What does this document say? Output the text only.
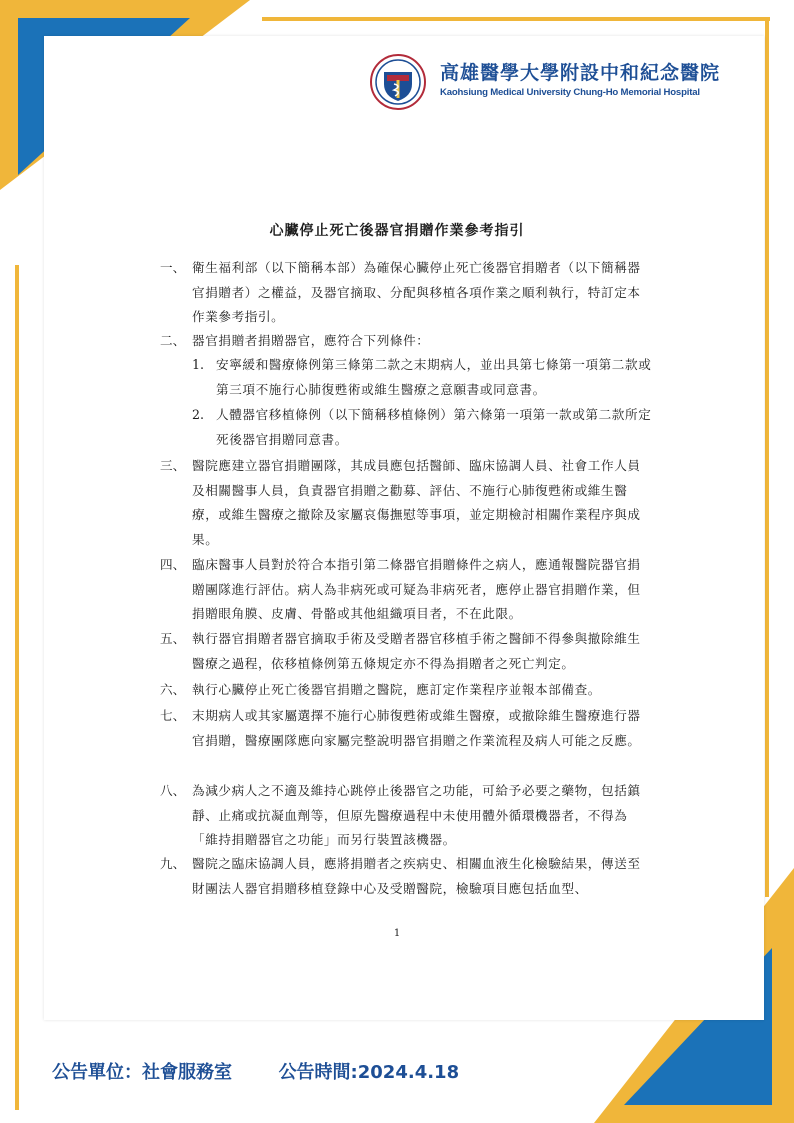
高雄醫學大學附設中和紀念醫院
Kaohsiung Medical University Chung-Ho Memorial Hospital
心臟停止死亡後器官捐贈作業參考指引
一、 衛生福利部（以下簡稱本部）為確保心臟停止死亡後器官捐贈者（以下簡稱器官捐贈者）之權益，及器官摘取、分配與移植各項作業之順利執行，特訂定本作業參考指引。
二、 器官捐贈者捐贈器官，應符合下列條件：
1. 安寧緩和醫療條例第三條第二款之末期病人，並出具第七條第一項第二款或第三項不施行心肺復甦術或維生醫療之意願書或同意書。
2. 人體器官移植條例（以下簡稱移植條例）第六條第一項第一款或第二款所定死後器官捐贈同意書。
三、 醫院應建立器官捐贈團隊，其成員應包括醫師、臨床協調人員、社會工作人員及相關醫事人員，負責器官捐贈之勸募、評估、不施行心肺復甦術或維生醫療，或維生醫療之撤除及家屬哀傷撫慰等事項，並定期檢討相關作業程序與成果。
四、 臨床醫事人員對於符合本指引第二條器官捐贈條件之病人，應通報醫院器官捐贈團隊進行評估。病人為非病死或可疑為非病死者，應停止器官捐贈作業，但捐贈眼角膜、皮膚、骨骼或其他組織項目者，不在此限。
五、 執行器官捐贈者器官摘取手術及受贈者器官移植手術之醫師不得參與撤除維生醫療之過程，依移植條例第五條規定亦不得為捐贈者之死亡判定。
六、 執行心臟停止死亡後器官捐贈之醫院，應訂定作業程序並報本部備查。
七、 末期病人或其家屬選擇不施行心肺復甦術或維生醫療，或撤除維生醫療進行器官捐贈，醫療團隊應向家屬完整說明器官捐贈之作業流程及病人可能之反應。
八、 為減少病人之不適及維持心跳停止後器官之功能，可給予必要之藥物，包括鎮靜、止痛或抗凝血劑等，但原先醫療過程中未使用體外循環機器者，不得為「維持捐贈器官之功能」而另行裝置該機器。
九、 醫院之臨床協調人員，應將捐贈者之疾病史、相關血液生化檢驗結果，傳送至財團法人器官捐贈移植登錄中心及受贈醫院，檢驗項目應包括血型、
1
公告單位：社會服務室	公告時間:2024.4.18
